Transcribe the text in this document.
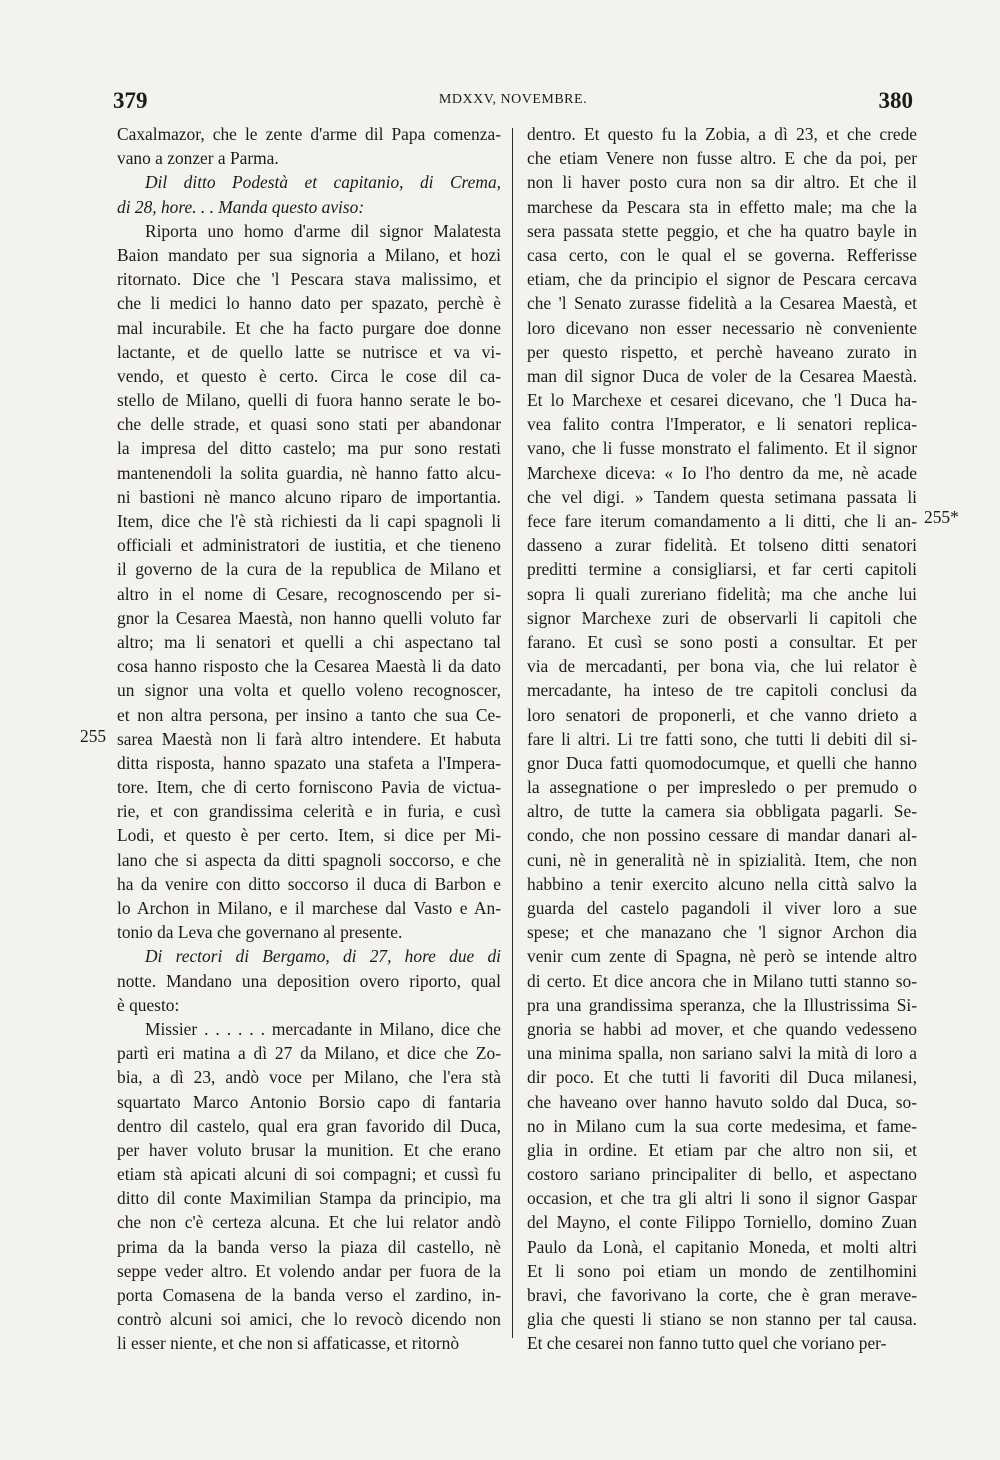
379	MDXXV, NOVEMBRE.	380
Caxalmazor, che le zente d'arme dil Papa comenza-
vano a zonzer a Parma.
Dil ditto Podestà et capitanio, di Crema,
di 28, hore. . . Manda questo aviso:
Riporta uno homo d'arme dil signor Malatesta
Baion mandato per sua signoria a Milano, et hozi
ritornato. Dice che 'l Pescara stava malissimo, et
che li medici lo hanno dato per spazato, perchè è
mal incurabile. Et che ha facto purgare doe donne
lactante, et de quello latte se nutrisce et va vi-
vendo, et questo è certo. Circa le cose dil ca-
stello de Milano, quelli di fuora hanno serate le bo-
che delle strade, et quasi sono stati per abandonar
la impresa del ditto castelo; ma pur sono restati
mantenendoli la solita guardia, nè hanno fatto alcu-
ni bastioni nè manco alcuno riparo de importantia.
Item, dice che l'è stà richiesti da li capi spagnoli li
officiali et administratori de iustitia, et che tieneno
il governo de la cura de la republica de Milano et
altro in el nome di Cesare, recognoscendo per si-
gnor la Cesarea Maestà, non hanno quelli voluto far
altro; ma li senatori et quelli a chi aspectano tal
cosa hanno risposto che la Cesarea Maestà li da dato
un signor una volta et quello voleno recognoscer,
et non altra persona, per insino a tanto che sua Ce-
sarea Maestà non li farà altro intendere. Et habuta
ditta risposta, hanno spazato una stafeta a l'Impera-
tore. Item, che di certo forniscono Pavia de victua-
rie, et con grandissima celerità e in furia, e cusì
Lodi, et questo è per certo. Item, si dice per Mi-
lano che si aspecta da ditti spagnoli soccorso, e che
ha da venire con ditto soccorso il duca di Barbon e
lo Archon in Milano, e il marchese dal Vasto e An-
tonio da Leva che governano al presente.
Di rectori di Bergamo, di 27, hore due di
notte. Mandano una deposition overo riporto, qual
è questo:
Missier . . . . . . mercadante in Milano, dice che
partì eri matina a dì 27 da Milano, et dice che Zo-
bia, a dì 23, andò voce per Milano, che l'era stà
squartato Marco Antonio Borsio capo di fantaria
dentro dil castelo, qual era gran favorido dil Duca,
per haver voluto brusar la munition. Et che erano
etiam stà apicati alcuni di soi compagni; et cussì fu
ditto dil conte Maximilian Stampa da principio, ma
che non c'è certeza alcuna. Et che lui relator andò
prima da la banda verso la piaza dil castello, nè
seppe veder altro. Et volendo andar per fuora de la
porta Comasena de la banda verso el zardino, in-
contrò alcuni soi amici, che lo revocò dicendo non
li esser niente, et che non si affaticasse, et ritornò
dentro. Et questo fu la Zobia, a dì 23, et che crede
che etiam Venere non fusse altro. E che da poi, per
non li haver posto cura non sa dir altro. Et che il
marchese da Pescara sta in effetto male; ma che la
sera passata stette peggio, et che ha quatro bayle in
casa certo, con le qual el se governa. Refferisse
etiam, che da principio el signor de Pescara cercava
che 'l Senato zurasse fidelità a la Cesarea Maestà, et
loro dicevano non esser necessario nè conveniente
per questo rispetto, et perchè haveano zurato in
man dil signor Duca de voler de la Cesarea Maestà.
Et lo Marchexe et cesarei dicevano, che 'l Duca ha-
vea falito contra l'Imperator, e li senatori replica-
vano, che li fusse monstrato el falimento. Et il signor
Marchexe diceva: « Io l'ho dentro da me, nè acade
che vel digi. » Tandem questa setimana passata li
fece fare iterum comandamento a li ditti, che li an-
dasseno a zurar fidelità. Et tolseno ditti senatori
preditti termine a consigliarsi, et far certi capitoli
sopra li quali zureriano fidelità; ma che anche lui
signor Marchexe zuri de observarli li capitoli che
farano. Et cusì se sono posti a consultar. Et per
via de mercadanti, per bona via, che lui relator è
mercadante, ha inteso de tre capitoli conclusi da
loro senatori de proponerli, et che vanno drieto a
fare li altri. Li tre fatti sono, che tutti li debiti dil si-
gnor Duca fatti quomodocumque, et quelli che hanno
la assegnatione o per impresledo o per premudo o
altro, de tutte la camera sia obbligata pagarli. Se-
condo, che non possino cessare di mandar danari al-
cuni, nè in generalità nè in spizialità. Item, che non
habbino a tenir exercito alcuno nella città salvo la
guarda del castelo pagandoli il viver loro a sue
spese; et che manazano che 'l signor Archon dia
venir cum zente di Spagna, nè però se intende altro
di certo. Et dice ancora che in Milano tutti stanno so-
pra una grandissima speranza, che la Illustrissima Si-
gnoria se habbi ad mover, et che quando vedesseno
una minima spalla, non sariano salvi la mità di loro a
dir poco. Et che tutti li favoriti dil Duca milanesi,
che haveano over hanno havuto soldo dal Duca, so-
no in Milano cum la sua corte medesima, et fame-
glia in ordine. Et etiam par che altro non sii, et
costoro sariano principaliter di bello, et aspectano
occasion, et che tra gli altri li sono il signor Gaspar
del Mayno, el conte Filippo Torniello, domino Zuan
Paulo da Lonà, el capitanio Moneda, et molti altri
Et li sono poi etiam un mondo de zentilhomini
bravi, che favorivano la corte, che è gran merave-
glia che questi li stiano se non stanno per tal causa.
Et che cesarei non fanno tutto quel che voriano per-
255
255*
